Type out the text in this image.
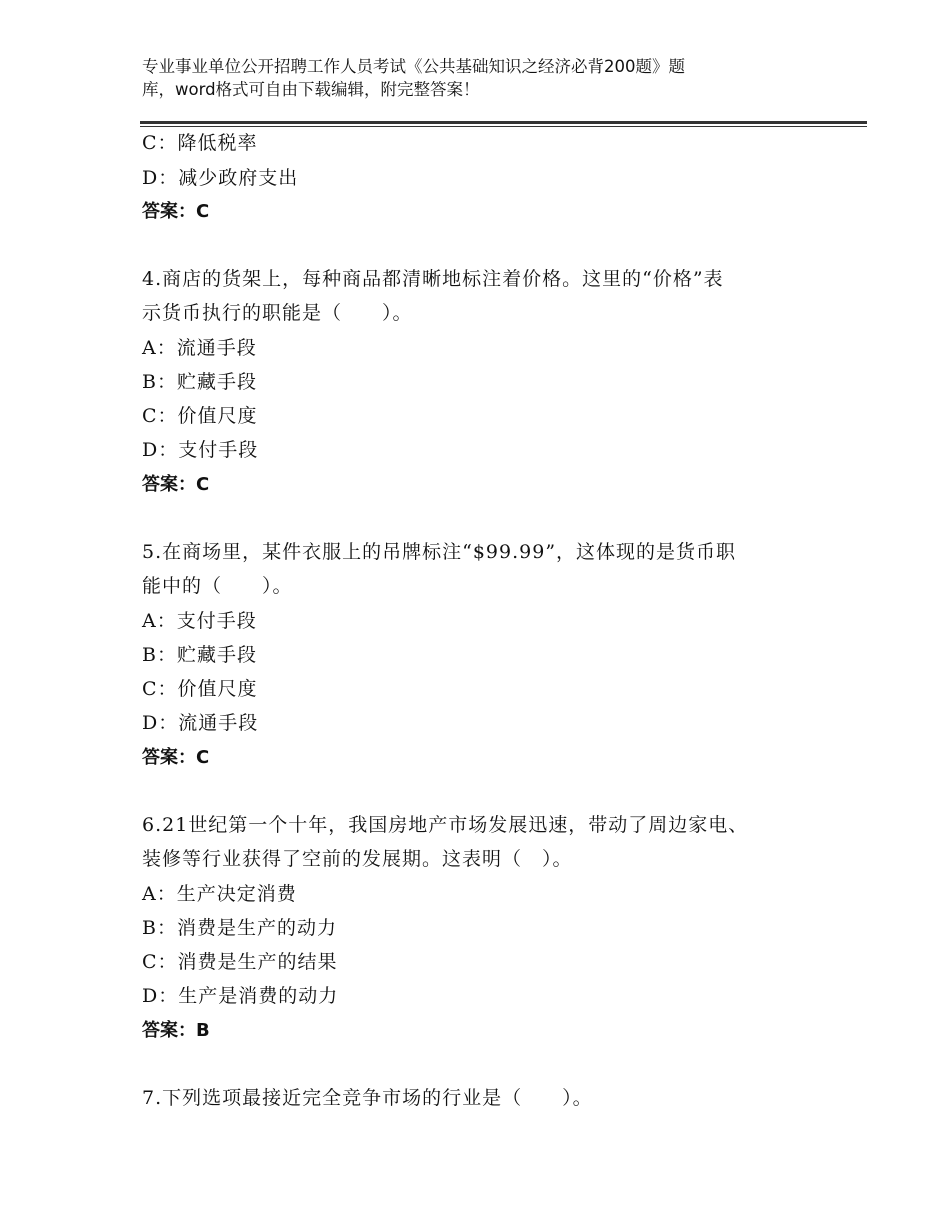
专业事业单位公开招聘工作人员考试《公共基础知识之经济必背200题》题
库，word格式可自由下载编辑，附完整答案！
C：降低税率
D：减少政府支出
答案：C
4.商店的货架上，每种商品都清晰地标注着价格。这里的“价格”表
示货币执行的职能是（　　）。
A：流通手段
B：贮藏手段
C：价值尺度
D：支付手段
答案：C
5.在商场里，某件衣服上的吊牌标注“$99.99”，这体现的是货币职
能中的（　　）。
A：支付手段
B：贮藏手段
C：价值尺度
D：流通手段
答案：C
6.21世纪第一个十年，我国房地产市场发展迅速，带动了周边家电、
装修等行业获得了空前的发展期。这表明（　）。
A：生产决定消费
B：消费是生产的动力
C：消费是生产的结果
D：生产是消费的动力
答案：B
7.下列选项最接近完全竞争市场的行业是（　　）。
